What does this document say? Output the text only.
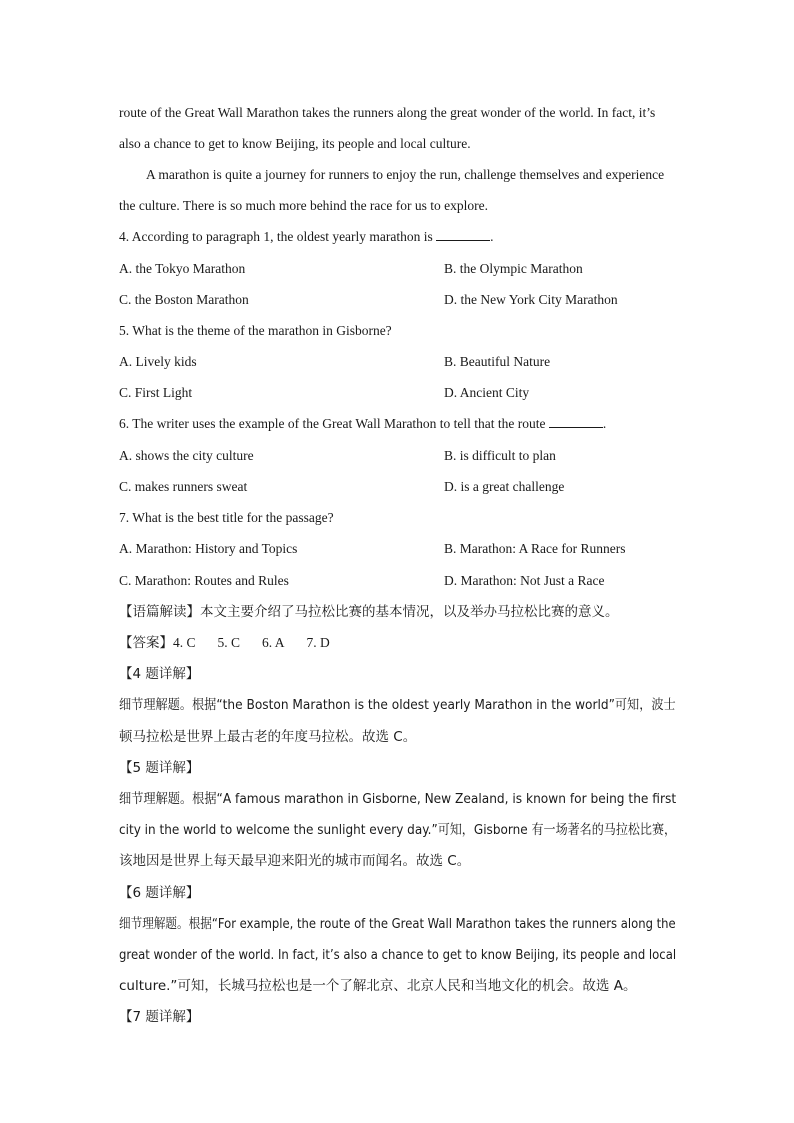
route of the Great Wall Marathon takes the runners along the great wonder of the world. In fact, it’s
also a chance to get to know Beijing, its people and local culture.
A marathon is quite a journey for runners to enjoy the run, challenge themselves and experience
the culture. There is so much more behind the race for us to explore.
4. According to paragraph 1, the oldest yearly marathon is	.
A. the Tokyo Marathon	B. the Olympic Marathon
C. the Boston Marathon	D. the New York City Marathon
5. What is the theme of the marathon in Gisborne?
A. Lively kids	B. Beautiful Nature
C. First Light	D. Ancient City
6. The writer uses the example of the Great Wall Marathon to tell that the route	.
A. shows the city culture	B. is difficult to plan
C. makes runners sweat	D. is a great challenge
7. What is the best title for the passage?
A. Marathon: History and Topics	B. Marathon: A Race for Runners
C. Marathon: Routes and Rules	D. Marathon: Not Just a Race
【语篇解读】本文主要介绍了马拉松比赛的基本情况，以及举办马拉松比赛的意义。
【答案】4. C 5. C 6. A 7. D
【4 题详解】
细节理解题。根据“the Boston Marathon is the oldest yearly Marathon in the world”可知，波士
顿马拉松是世界上最古老的年度马拉松。故选 C。
【5 题详解】
细节理解题。根据“A famous marathon in Gisborne, New Zealand, is known for being the first
city in the world to welcome the sunlight every day.”可知，Gisborne 有一场著名的马拉松比赛，
该地因是世界上每天最早迎来阳光的城市而闻名。故选 C。
【6 题详解】
细节理解题。根据“For example, the route of the Great Wall Marathon takes the runners along the
great wonder of the world. In fact, it’s also a chance to get to know Beijing, its people and local
culture.”可知，长城马拉松也是一个了解北京、北京人民和当地文化的机会。故选 A。
【7 题详解】
